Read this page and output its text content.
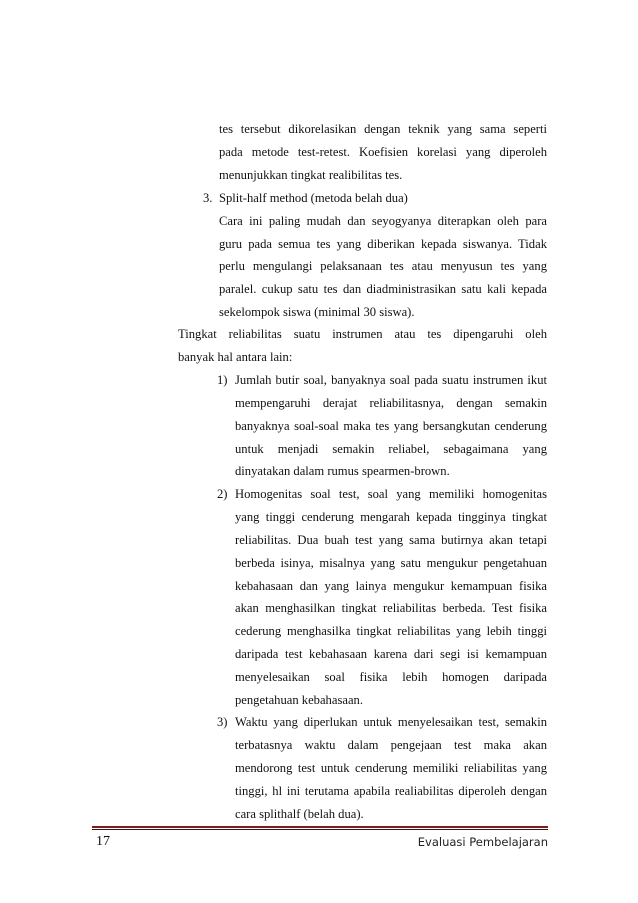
tes tersebut dikorelasikan dengan teknik yang sama seperti
pada metode test-retest. Koefisien korelasi yang diperoleh
menunjukkan tingkat realibilitas tes.
3. Split-half method (metoda belah dua)
Cara ini paling mudah dan seyogyanya diterapkan oleh para
guru pada semua tes yang diberikan kepada siswanya. Tidak
perlu mengulangi pelaksanaan tes atau menyusun tes yang
paralel. cukup satu tes dan diadministrasikan satu kali kepada
sekelompok siswa (minimal 30 siswa).
Tingkat reliabilitas suatu instrumen atau tes dipengaruhi oleh
banyak hal antara lain:
1) Jumlah butir soal, banyaknya soal pada suatu instrumen ikut
mempengaruhi derajat reliabilitasnya, dengan semakin
banyaknya soal-soal maka tes yang bersangkutan cenderung
untuk menjadi semakin reliabel, sebagaimana yang
dinyatakan dalam rumus spearmen-brown.
2) Homogenitas soal test, soal yang memiliki homogenitas
yang tinggi cenderung mengarah kepada tingginya tingkat
reliabilitas. Dua buah test yang sama butirnya akan tetapi
berbeda isinya, misalnya yang satu mengukur pengetahuan
kebahasaan dan yang lainya mengukur kemampuan fisika
akan menghasilkan tingkat reliabilitas berbeda. Test fisika
cederung menghasilka tingkat reliabilitas yang lebih tinggi
daripada test kebahasaan karena dari segi isi kemampuan
menyelesaikan soal fisika lebih homogen daripada
pengetahuan kebahasaan.
3) Waktu yang diperlukan untuk menyelesaikan test, semakin
terbatasnya waktu dalam pengejaan test maka akan
mendorong test untuk cenderung memiliki reliabilitas yang
tinggi, hl ini terutama apabila realiabilitas diperoleh dengan
cara splithalf (belah dua).
17	Evaluasi Pembelajaran
